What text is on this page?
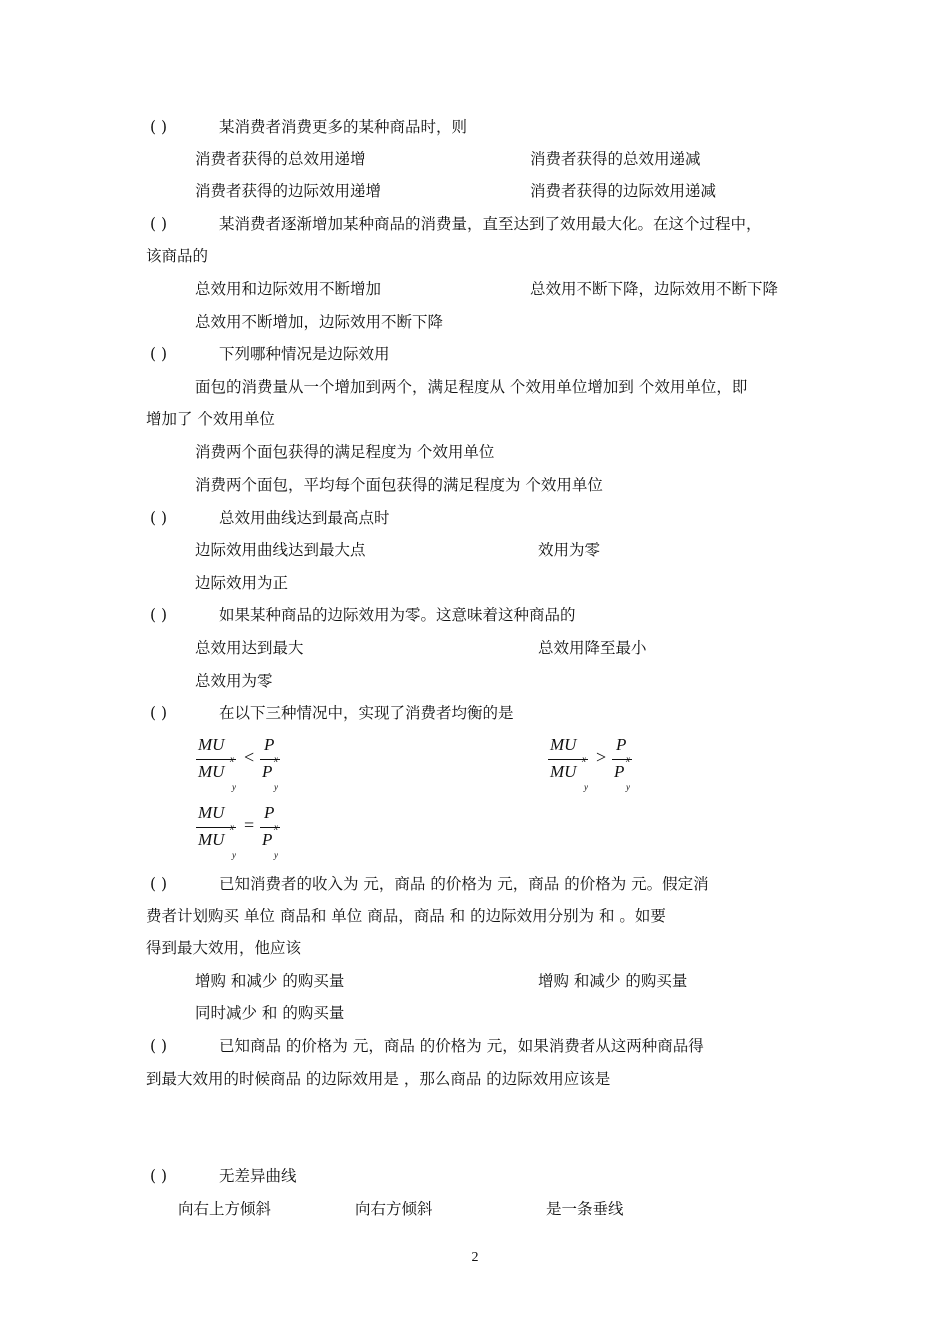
( )	某消费者消费更多的某种商品时，则
消费者获得的总效用递增	消费者获得的总效用递减
消费者获得的边际效用递增	消费者获得的边际效用递减
( )	某消费者逐渐增加某种商品的消费量，直至达到了效用最大化。在这个过程中，
该商品的
总效用和边际效用不断增加	总效用不断下降，边际效用不断下降
总效用不断增加，边际效用不断下降
( )	下列哪种情况是边际效用
面包的消费量从一个增加到两个，满足程度从 个效用单位增加到 个效用单位，即
增加了 个效用单位
消费两个面包获得的满足程度为 个效用单位
消费两个面包，平均每个面包获得的满足程度为 个效用单位
( )	总效用曲线达到最高点时
边际效用曲线达到最大点	效用为零
边际效用为正
( )	如果某种商品的边际效用为零。这意味着这种商品的
总效用达到最大	总效用降至最小
总效用为零
( )	在以下三种情况中，实现了消费者均衡的是
MU
x
MU
y
<
P
x
P
y
MU
x
MU
y
>
P
x
P
y
MU
x
MU
y
=
P
x
P
y
( )	已知消费者的收入为 元，商品 的价格为 元，商品 的价格为 元。假定消
费者计划购买 单位 商品和 单位 商品，商品 和 的边际效用分别为 和 。如要
得到最大效用，他应该
增购 和减少 的购买量	增购 和减少 的购买量
同时减少 和 的购买量
( )	已知商品 的价格为 元，商品 的价格为 元，如果消费者从这两种商品得
到最大效用的时候商品 的边际效用是 ，那么商品 的边际效用应该是
( )	无差异曲线
向右上方倾斜	向右方倾斜	是一条垂线
2
